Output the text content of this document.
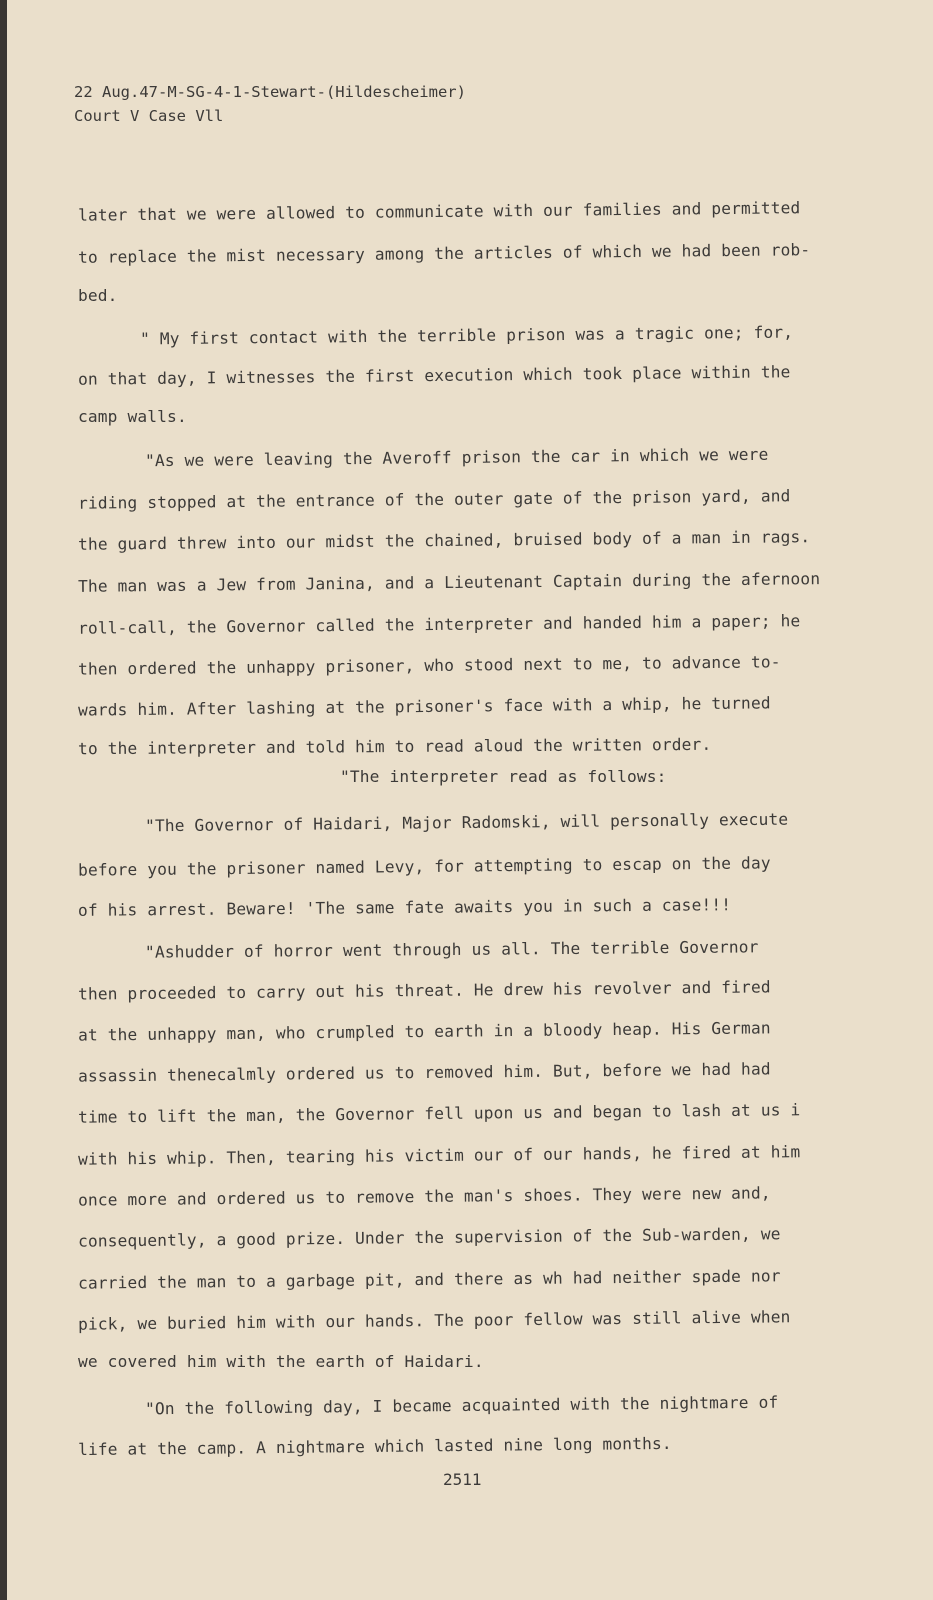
22 Aug.47-M-SG-4-1-Stewart-(Hildescheimer)
Court V Case Vll
later that we were allowed to communicate with our families and permitted
to replace the mist necessary among the articles of which we had been rob-
bed.
" My first contact with the terrible prison was a tragic one; for,
on that day, I witnesses the first execution which took place within the
camp walls.
"As we were leaving the Averoff prison the car in which we were
riding stopped at the entrance of the outer gate of the prison yard, and
the guard threw into our midst the chained, bruised body of a man in rags.
The man was a Jew from Janina, and a Lieutenant Captain during the afernoon
roll-call, the Governor called the interpreter and handed him a paper; he
then ordered the unhappy prisoner, who stood next to me, to advance to-
wards him. After lashing at the prisoner's face with a whip, he turned
to the interpreter and told him to read aloud the written order.
"The interpreter read as follows:
"The Governor of Haidari, Major Radomski, will personally execute
before you the prisoner named Levy, for attempting to escap on the day
of his arrest. Beware! 'The same fate awaits you in such a case!!!
"Ashudder of horror went through us all. The terrible Governor
then proceeded to carry out his threat. He drew his revolver and fired
at the unhappy man, who crumpled to earth in a bloody heap. His German
assassin thenecalmly ordered us to removed him. But, before we had had
time to lift the man, the Governor fell upon us and began to lash at us i
with his whip. Then, tearing his victim our of our hands, he fired at him
once more and ordered us to remove the man's shoes. They were new and,
consequently, a good prize. Under the supervision of the Sub-warden, we
carried the man to a garbage pit, and there as wh had neither spade nor
pick, we buried him with our hands. The poor fellow was still alive when
we covered him with the earth of Haidari.
"On the following day, I became acquainted with the nightmare of
life at the camp. A nightmare which lasted nine long months.
2511
